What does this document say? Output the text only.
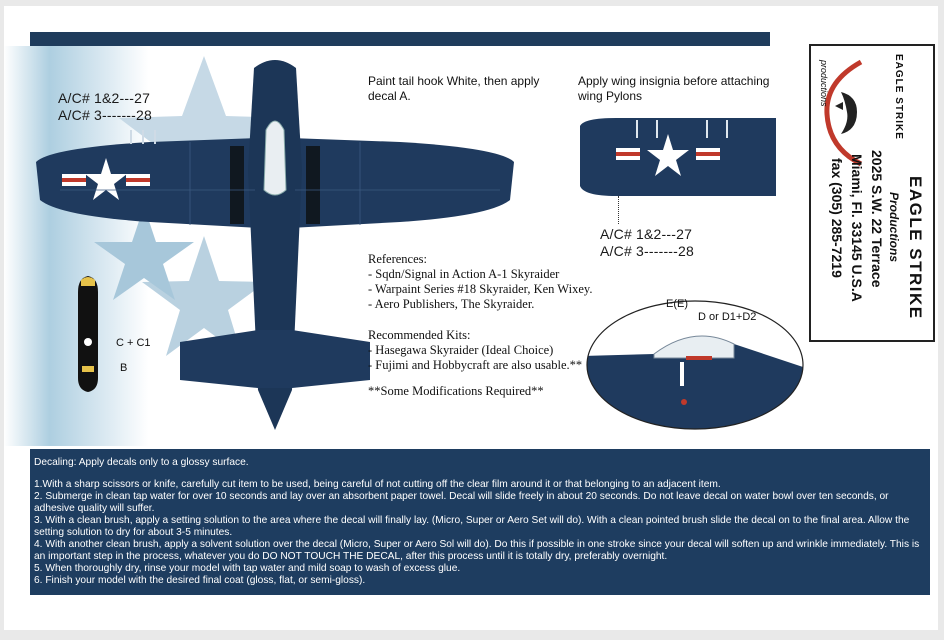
A/C# 1&2---27
A/C# 3-------28
C + C1
B
Paint tail hook White, then apply
decal A.
Apply wing insignia before attaching
wing Pylons
A/C# 1&2---27
A/C# 3-------28
References:
- Sqdn/Signal in Action A-1 Skyraider
- Warpaint Series #18 Skyraider, Ken Wixey.
- Aero Publishers, The Skyraider.
Recommended Kits:
- Hasegawa Skyraider (Ideal Choice)
- Fujimi and Hobbycraft are also usable.**
**Some Modifications Required**
E(E)
D or D1+D2
EAGLE STRIKE
productions
EAGLE STRIKE
Productions
2025 S.W. 22 Terrace
Miami, Fl. 33145 U.S.A
fax (305) 285-7219

Decaling: Apply decals only to a glossy surface.

1.With a sharp scissors or knife, carefully cut item to be used, being careful of not cutting off the clear film around it or that belonging to an adjacent item.

2. Submerge in clean tap water for over 10 seconds and lay over an absorbent paper towel. Decal will slide freely in about 20 seconds. Do not leave decal on water bowl over ten seconds, or adhesive quality will suffer.

3. With a clean brush, apply a setting solution to the area where the decal will finally lay. (Micro, Super or Aero Set will do). With a clean pointed brush slide the decal on to the final area. Allow the setting solution to dry for about 3-5 minutes.

4. With another clean brush, apply a solvent solution over the decal (Micro, Super or Aero Sol will do). Do this if possible in one stroke since your decal will soften up and wrinkle immediately. This is an important step in the process, whatever you do DO NOT TOUCH THE DECAL, after this process until it is totally dry, preferably overnight.

5. When thoroughly dry, rinse your model with tap water and mild soap to wash of excess glue.

6. Finish your model with the desired final coat (gloss, flat, or semi-gloss).
